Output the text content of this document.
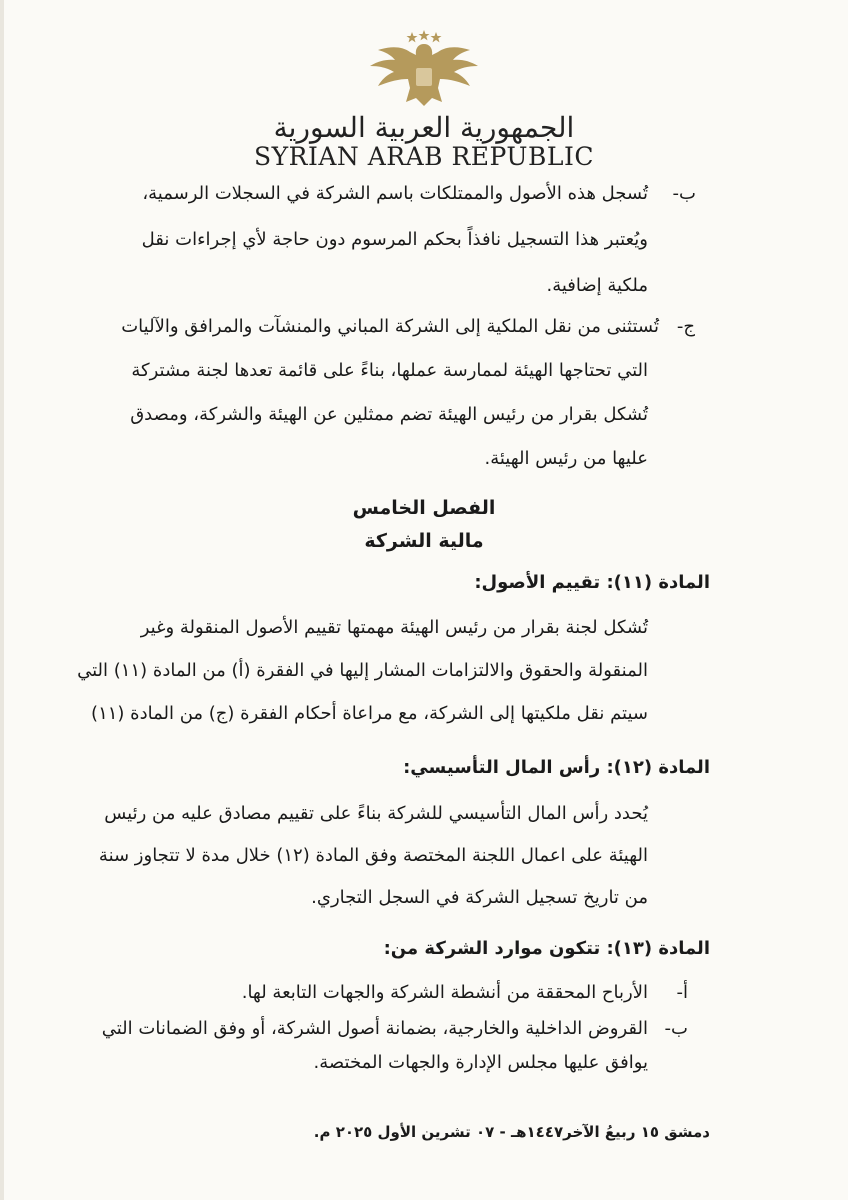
الجمهورية العربية السورية
SYRIAN ARAB REPUBLIC
ب-
تُسجل هذه الأصول والممتلكات باسم الشركة في السجلات الرسمية،
ويُعتبر هذا التسجيل نافذاً بحكم المرسوم دون حاجة لأي إجراءات نقل
ملكية إضافية.
ج-
تُستثنى من نقل الملكية إلى الشركة المباني والمنشآت والمرافق والآليات
التي تحتاجها الهيئة لممارسة عملها، بناءً على قائمة تعدها لجنة مشتركة
تُشكل بقرار من رئيس الهيئة تضم ممثلين عن الهيئة والشركة، ومصدق
عليها من رئيس الهيئة.
الفصل الخامس
مالية الشركة
المادة (١١): تقييم الأصول:
تُشكل لجنة بقرار من رئيس الهيئة مهمتها تقييم الأصول المنقولة وغير
المنقولة والحقوق والالتزامات المشار إليها في الفقرة (أ) من المادة (١١) التي
سيتم نقل ملكيتها إلى الشركة، مع مراعاة أحكام الفقرة (ج) من المادة (١١)
المادة (١٢): رأس المال التأسيسي:
يُحدد رأس المال التأسيسي للشركة بناءً على تقييم مصادق عليه من رئيس
الهيئة على اعمال اللجنة المختصة وفق المادة (١٢) خلال مدة لا تتجاوز سنة
من تاريخ تسجيل الشركة في السجل التجاري.
المادة (١٣): تتكون موارد الشركة من:
أ-
الأرباح المحققة من أنشطة الشركة والجهات التابعة لها.
ب-
القروض الداخلية والخارجية، بضمانة أصول الشركة، أو وفق الضمانات التي
يوافق عليها مجلس الإدارة والجهات المختصة.
دمشق ١٥ ربيعُ الآخر١٤٤٧هـ - ٠٧ تشرين الأول ٢٠٢٥ م.
